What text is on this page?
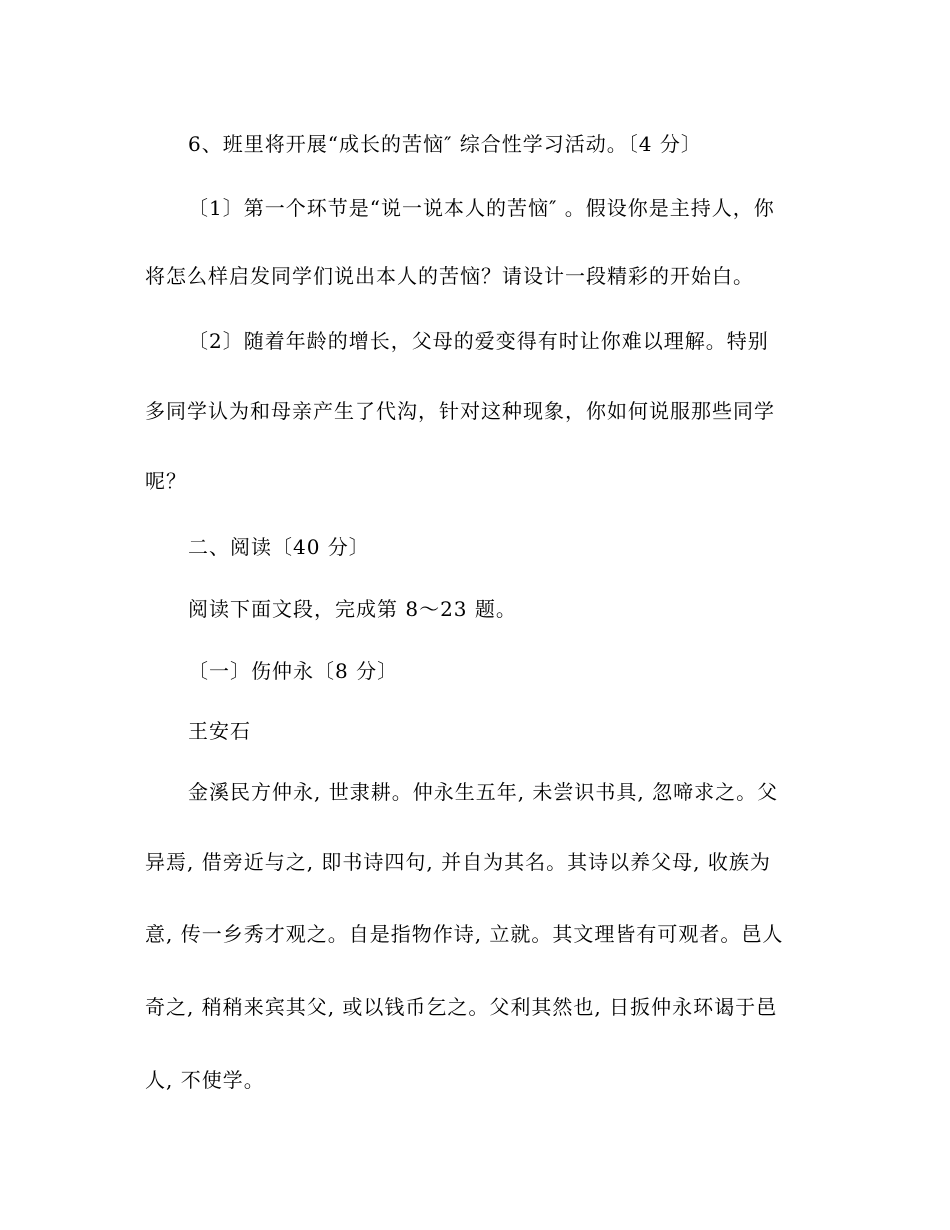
6、班里将开展“成长的苦恼″ 综合性学习活动。〔4 分〕
〔1〕第一个环节是“说一说本人的苦恼″ 。假设你是主持人，你
将怎么样启发同学们说出本人的苦恼？请设计一段精彩的开始白。
〔2〕随着年龄的增长，父母的爱变得有时让你难以理解。特别
多同学认为和母亲产生了代沟，针对这种现象，你如何说服那些同学
呢？
二、阅读〔40 分〕
阅读下面文段，完成第 8～23 题。
〔一〕伤仲永〔8 分〕
王安石
金溪民方仲永, 世隶耕。仲永生五年, 未尝识书具, 忽啼求之。父
异焉, 借旁近与之, 即书诗四句, 并自为其名。其诗以养父母, 收族为
意, 传一乡秀才观之。自是指物作诗, 立就。其文理皆有可观者。邑人
奇之, 稍稍来宾其父, 或以钱币乞之。父利其然也, 日扳仲永环谒于邑
人, 不使学。
